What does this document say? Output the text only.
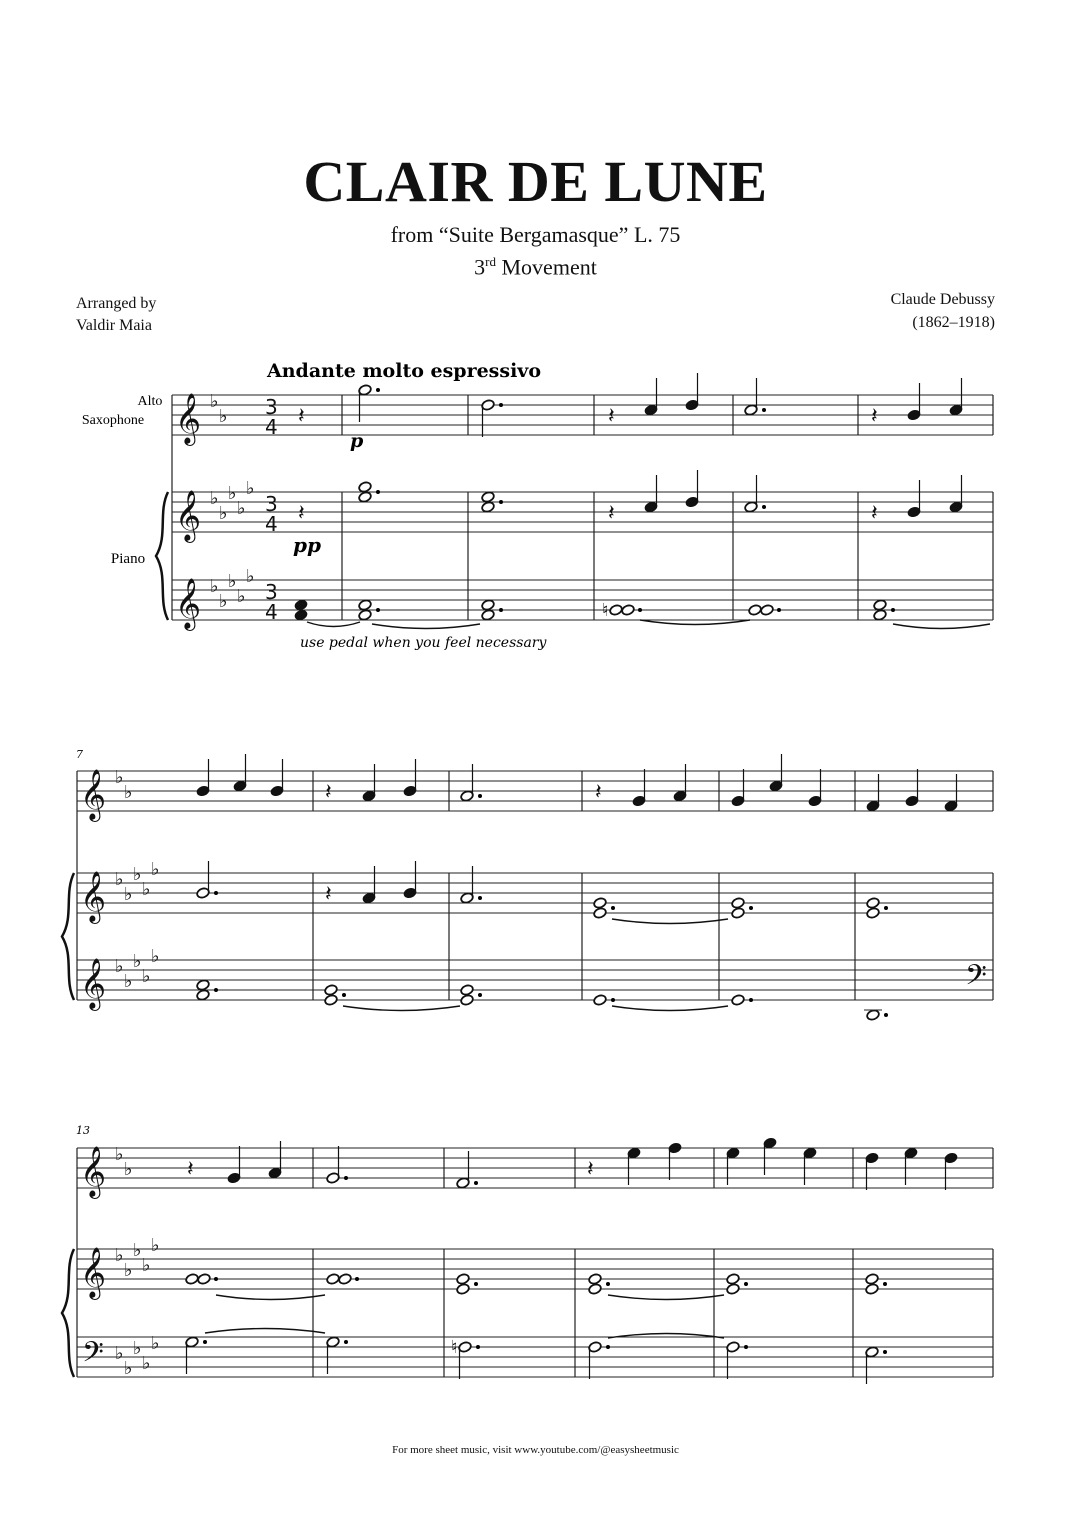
CLAIR DE LUNE
from “Suite Bergamasque” L. 75
3rd Movement
Arranged by
Valdir Maia
Claude Debussy
(1862–1918)
𝄞
𝄞
𝄞
♭
♭
♭
♭
♭
♭
♭
♭
♭
♭
♭
♭
3
4
3
4
3
4
𝄽
𝄽
𝄽	𝄽
𝄽	𝄽
♮
𝄞
𝄞
𝄞
♭
♭
♭
♭
♭
♭
♭
♭
♭
♭
♭
♭
𝄽	𝄽
𝄽
𝄢
𝄞
𝄞
𝄢
♭
♭
♭
♭
♭
♭
♭
♭
♭
♭
♭
♭
𝄽	𝄽
♮
Andante molto espressivo
Alto
Saxophone
Piano
p
pp
use pedal when you feel necessary
7
13
For more sheet music, visit www.youtube.com/@easysheetmusic
